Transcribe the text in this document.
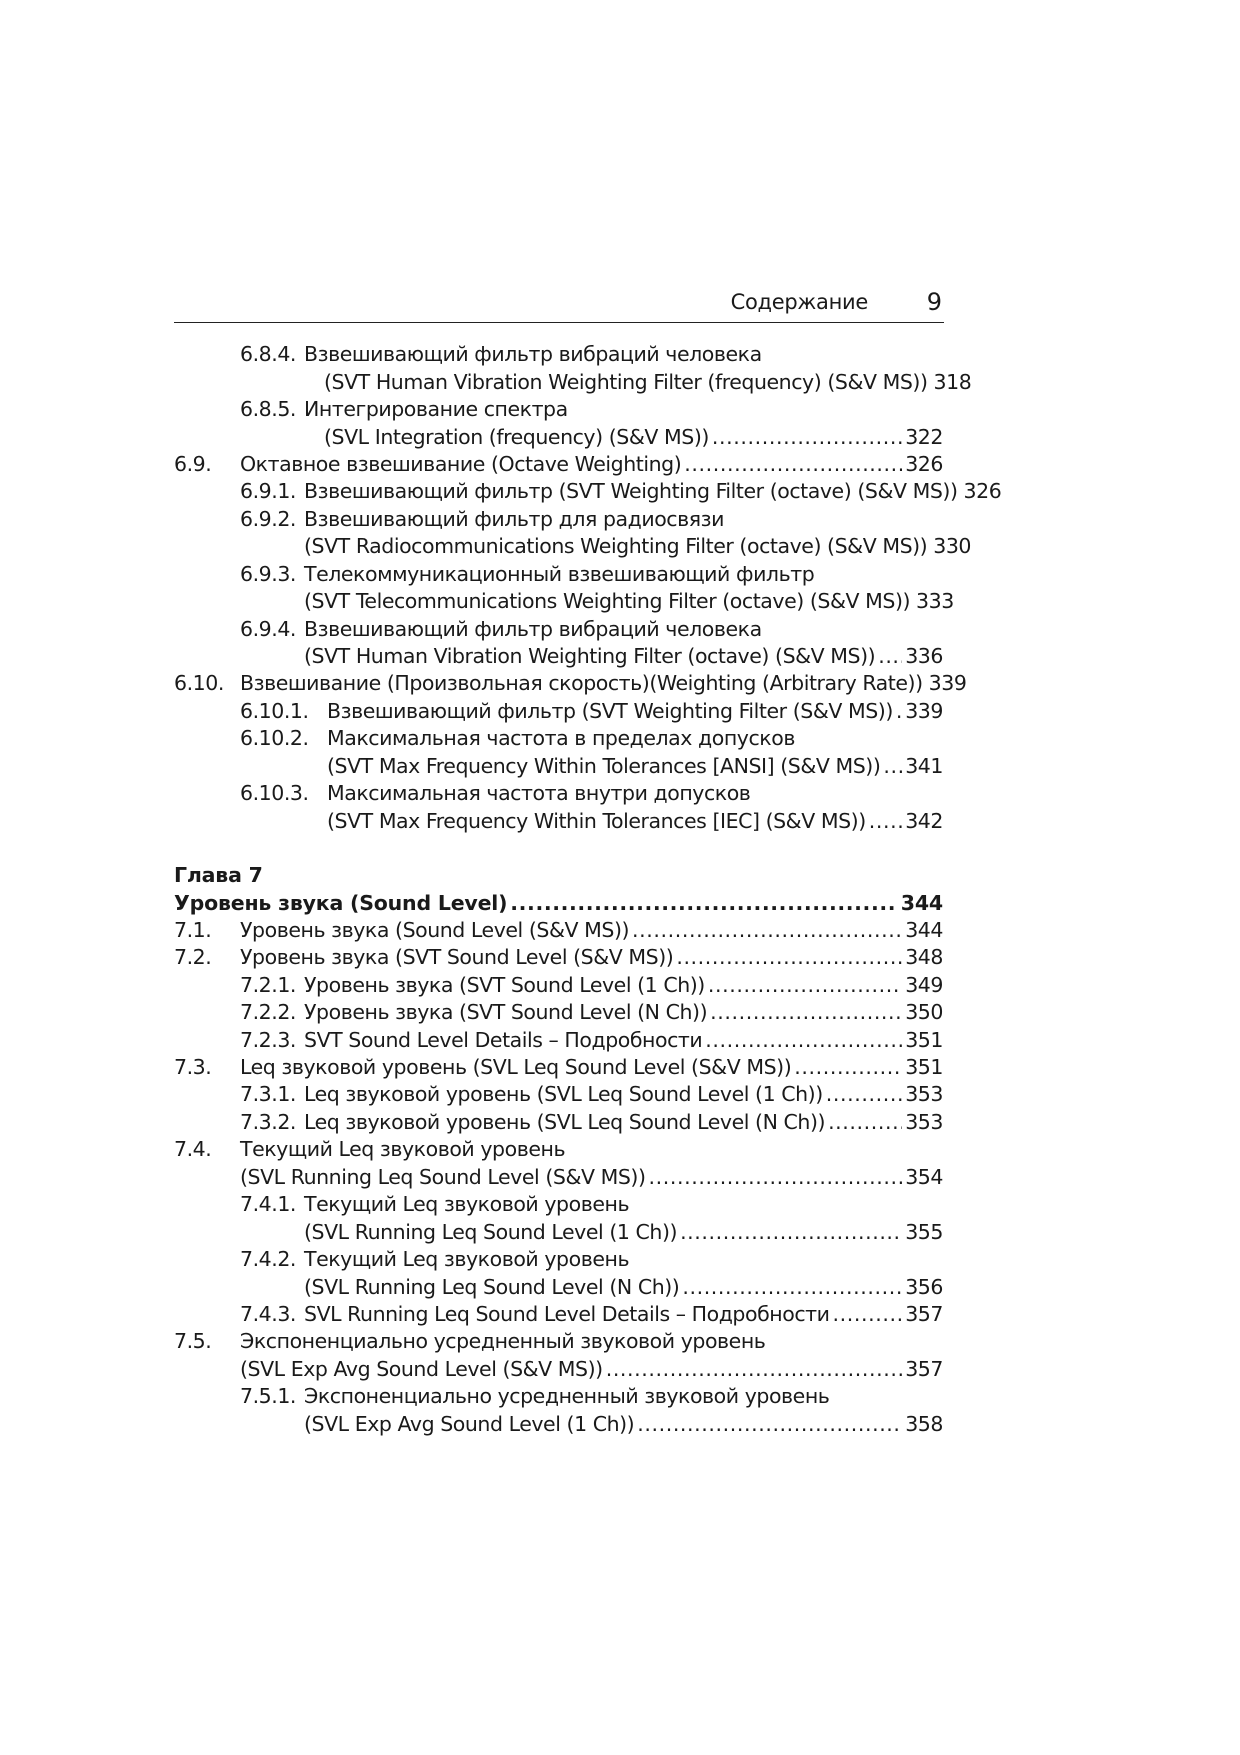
Содержание 9
6.8.4. Взвешивающий фильтр вибраций человека
(SVT Human Vibration Weighting Filter (frequency) (S&V MS)) 318
6.8.5. Интегрирование спектра
(SVL Integration (frequency) (S&V MS)) .....	322
6.9. Октавное взвешивание (Octave Weighting) .....	326
6.9.1. Взвешивающий фильтр (SVT Weighting Filter (octave) (S&V MS)) 326
6.9.2. Взвешивающий фильтр для радиосвязи
(SVT Radiocommunications Weighting Filter (octave) (S&V MS)) 330
6.9.3. Телекоммуникационный взвешивающий фильтр
(SVT Telecommunications Weighting Filter (octave) (S&V MS)) 333
6.9.4. Взвешивающий фильтр вибраций человека
(SVT Human Vibration Weighting Filter (octave) (S&V MS)) ..... 336
6.10. Взвешивание (Произвольная скорость)(Weighting (Arbitrary Rate)) 339
6.10.1. Взвешивающий фильтр (SVT Weighting Filter (S&V MS)) ..... 339
6.10.2. Максимальная частота в пределах допусков
(SVT Max Frequency Within Tolerances [ANSI] (S&V MS)) ..... 341
6.10.3. Максимальная частота внутри допусков
(SVT Max Frequency Within Tolerances [IEC] (S&V MS)) ..... 342
Глава 7
Уровень звука (Sound Level) .....	344
7.1. Уровень звука (Sound Level (S&V MS)) .....	344
7.2. Уровень звука (SVT Sound Level (S&V MS)) .....	348
7.2.1. Уровень звука (SVT Sound Level (1 Ch)) .....	349
7.2.2. Уровень звука (SVT Sound Level (N Ch)) .....	350
7.2.3. SVT Sound Level Details – Подробности .....	351
7.3. Leq звуковой уровень (SVL Leq Sound Level (S&V MS)) .....	351
7.3.1. Leq звуковой уровень (SVL Leq Sound Level (1 Ch)) .....	353
7.3.2. Leq звуковой уровень (SVL Leq Sound Level (N Ch)) .....	353
7.4. Текущий Leq звуковой уровень
(SVL Running Leq Sound Level (S&V MS)) .....	354
7.4.1. Текущий Leq звуковой уровень
(SVL Running Leq Sound Level (1 Ch)) .....	355
7.4.2. Текущий Leq звуковой уровень
(SVL Running Leq Sound Level (N Ch)) .....	356
7.4.3. SVL Running Leq Sound Level Details – Подробности .....	357
7.5. Экспоненциально усредненный звуковой уровень
(SVL Exp Avg Sound Level (S&V MS)) .....	357
7.5.1. Экспоненциально усредненный звуковой уровень
(SVL Exp Avg Sound Level (1 Ch)) .....	358
